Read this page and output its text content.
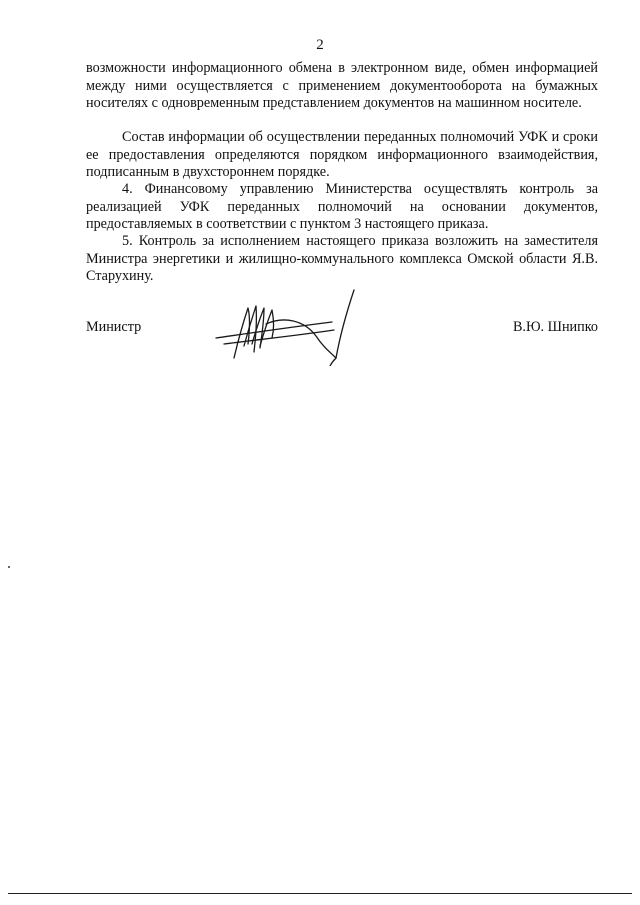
2

возможности информационного обмена в электронном виде, обмен информацией между ними осуществляется с применением документооборота на бумажных носителях с одновременным представлением документов на машинном носителе.

Состав информации об осуществлении переданных полномочий УФК и сроки ее предоставления определяются порядком информационного взаимодействия, подписанным в двухстороннем порядке.

4. Финансовому управлению Министерства осуществлять контроль за реализацией УФК переданных полномочий на основании документов, предоставляемых в соответствии с пунктом 3 настоящего приказа.

5. Контроль за исполнением настоящего приказа возложить на заместителя Министра энергетики и жилищно-коммунального комплекса Омской области Я.В. Старухину.

Министр	В.Ю. Шнипко
